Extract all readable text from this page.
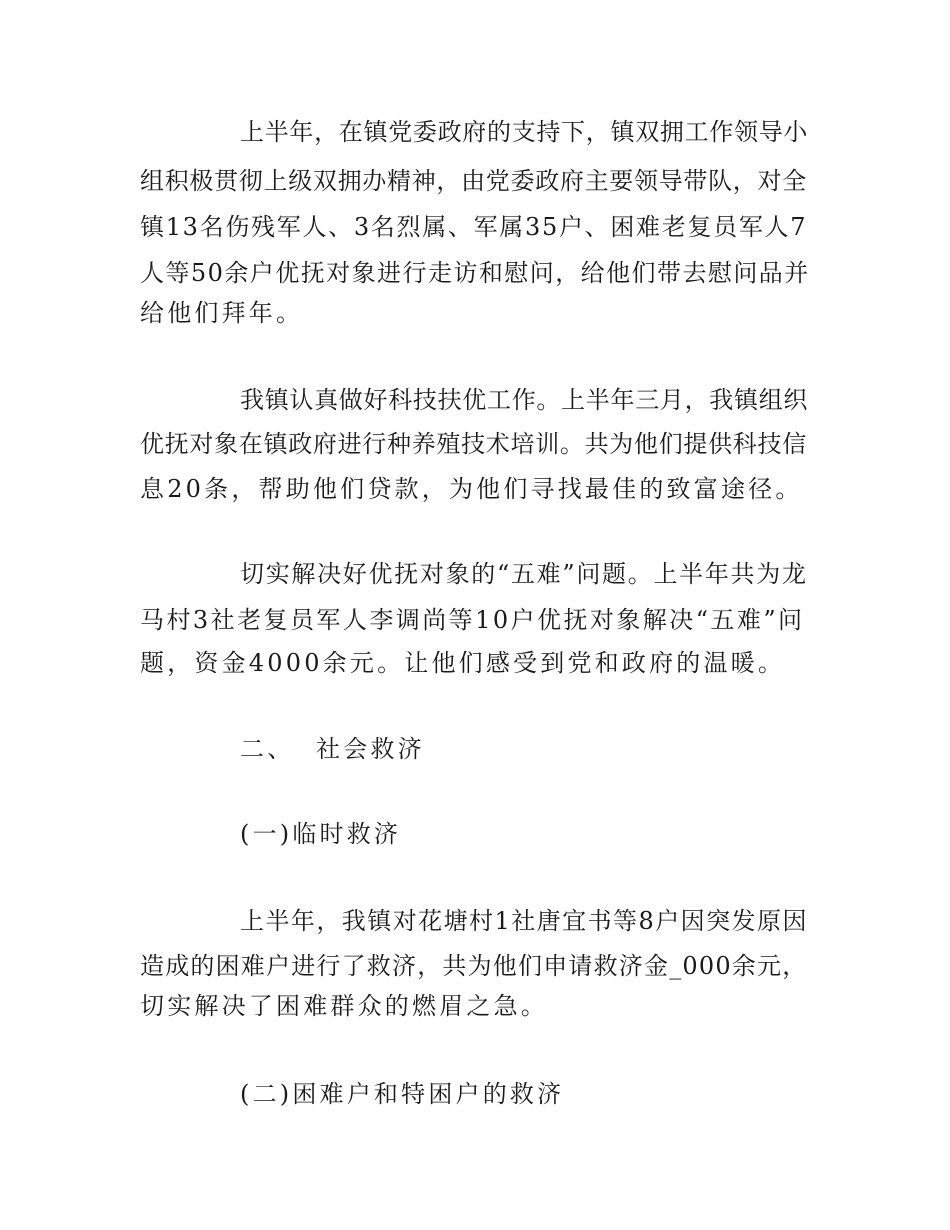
上半年，在镇党委政府的支持下，镇双拥工作领导小
组积极贯彻上级双拥办精神，由党委政府主要领导带队，对全
镇13名伤残军人、3名烈属、军属35户、困难老复员军人7
人等50余户优抚对象进行走访和慰问，给他们带去慰问品并
给他们拜年。
我镇认真做好科技扶优工作。上半年三月，我镇组织
优抚对象在镇政府进行种养殖技术培训。共为他们提供科技信
息20条，帮助他们贷款，为他们寻找最佳的致富途径。
切实解决好优抚对象的“五难”问题。上半年共为龙
马村3社老复员军人李调尚等10户优抚对象解决“五难”问
题，资金4000余元。让他们感受到党和政府的温暖。
二、  社会救济
(一)临时救济
上半年，我镇对花塘村1社唐宜书等8户因突发原因
造成的困难户进行了救济，共为他们申请救济金_000余元，
切实解决了困难群众的燃眉之急。
(二)困难户和特困户的救济
